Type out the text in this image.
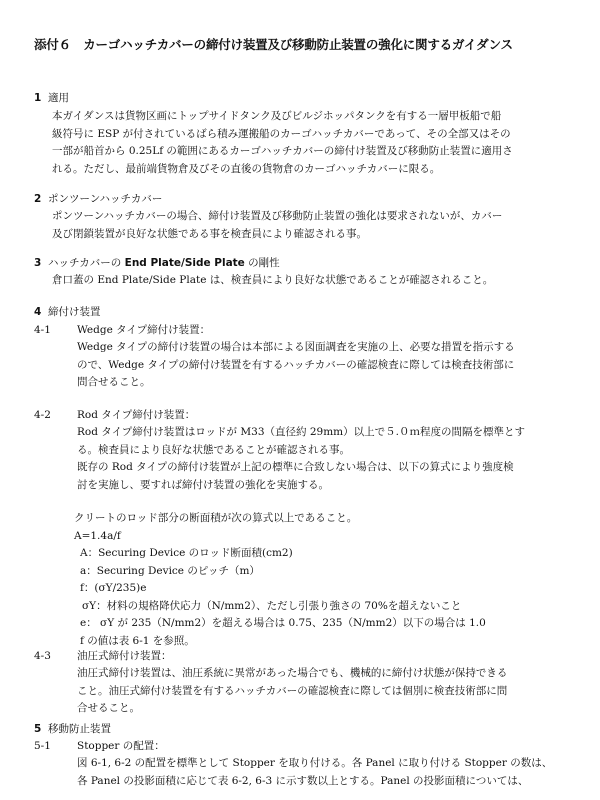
添付６　カーゴハッチカバーの締付け装置及び移動防止装置の強化に関するガイダンス
1 適用

本ガイダンスは貨物区画にトップサイドタンク及びビルジホッパタンクを有する一層甲板船で船

級符号に ESP が付されているばら積み運搬船のカーゴハッチカバーであって、その全部又はその

一部が船首から 0.25Lf の範囲にあるカーゴハッチカバーの締付け装置及び移動防止装置に適用さ

れる。ただし、最前端貨物倉及びその直後の貨物倉のカーゴハッチカバーに限る。

2 ポンツーンハッチカバー

ポンツーンハッチカバーの場合、締付け装置及び移動防止装置の強化は要求されないが、カバー

及び閉鎖装置が良好な状態である事を検査員により確認される事。

3 ハッチカバーの End Plate/Side Plate の剛性

倉口蓋の End Plate/Side Plate は、検査員により良好な状態であることが確認されること。

4 締付け装置
4-1 Wedge タイプ締付け装置：

Wedge タイプの締付け装置の場合は本部による図面調査を実施の上、必要な措置を指示する

ので、Wedge タイプの締付け装置を有するハッチカバーの確認検査に際しては検査技術部に

問合せること。

4-2 Rod タイプ締付け装置：

Rod タイプ締付け装置はロッドが M33（直径約 29mm）以上で５.０ｍ程度の間隔を標準とす

る。検査員により良好な状態であることが確認される事。

既存の Rod タイプの締付け装置が上記の標準に合致しない場合は、以下の算式により強度検

討を実施し、要すれば締付け装置の強化を実施する。

クリートのロッド部分の断面積が次の算式以上であること。

A=1.4a/f

A：Securing Device のロッド断面積(cm2)

a：Securing Device のピッチ（m）

f：(σY/235)e

σY：材料の規格降伏応力（N/mm2）、ただし引張り強さの 70%を超えないこと

e： σY が 235（N/mm2）を超える場合は 0.75、235（N/mm2）以下の場合は 1.0

f の値は表 6-1 を参照。

4-3 油圧式締付け装置：

油圧式締付け装置は、油圧系統に異常があった場合でも、機械的に締付け状態が保持できる

こと。油圧式締付け装置を有するハッチカバーの確認検査に際しては個別に検査技術部に問

合せること。

5 移動防止装置
5-1 Stopper の配置：

図 6-1, 6-2 の配置を標準として Stopper を取り付ける。各 Panel に取り付ける Stopper の数は、

各 Panel の投影面積に応じて表 6-2, 6-3 に示す数以上とする。Panel の投影面積については、
